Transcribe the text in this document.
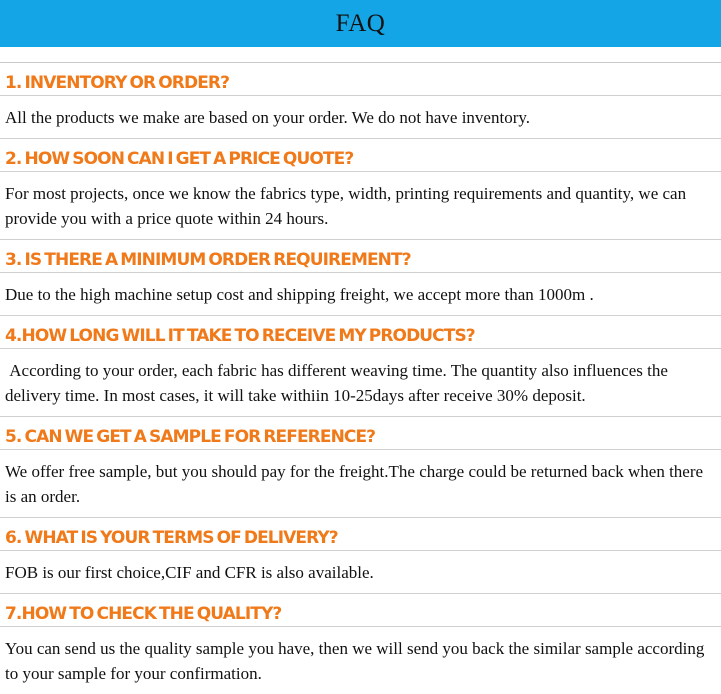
FAQ
1. INVENTORY OR ORDER?
All the products we make are based on your order. We do not have inventory.
2. HOW SOON CAN I GET A PRICE QUOTE?
For most projects, once we know the fabrics type, width, printing requirements and quantity, we can provide you with a price quote within 24 hours.
3. IS THERE A MINIMUM ORDER REQUIREMENT?
Due to the high machine setup cost and shipping freight, we accept more than 1000m .
4.HOW LONG WILL IT TAKE TO RECEIVE MY PRODUCTS?
According to your order, each fabric has different weaving time. The quantity also influences the delivery time. In most cases, it will take withiin 10-25days after receive 30% deposit.
5. CAN WE GET A SAMPLE FOR REFERENCE?
We offer free sample, but you should pay for the freight.The charge could be returned back when there is an order.
6. WHAT IS YOUR TERMS OF DELIVERY?
FOB is our first choice,CIF and CFR is also available.
7.HOW TO CHECK THE QUALITY?
You can send us the quality sample you have, then we will send you back the similar sample according to your sample for your confirmation.
